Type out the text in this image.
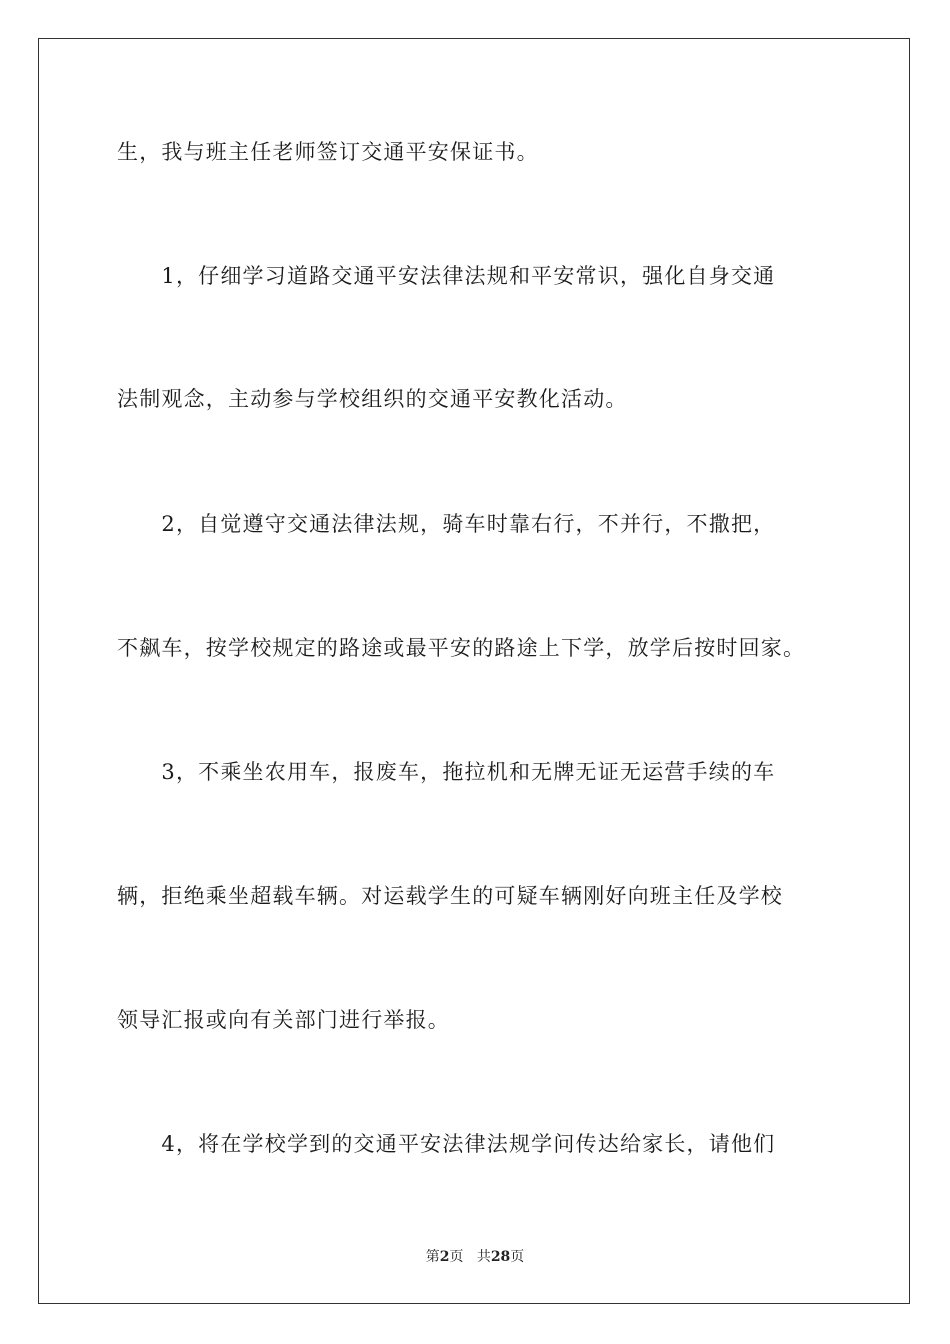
生，我与班主任老师签订交通平安保证书。
　　1，仔细学习道路交通平安法律法规和平安常识，强化自身交通
法制观念，主动参与学校组织的交通平安教化活动。
　　2，自觉遵守交通法律法规，骑车时靠右行，不并行，不撒把，
不飙车，按学校规定的路途或最平安的路途上下学，放学后按时回家。
　　3，不乘坐农用车，报废车，拖拉机和无牌无证无运营手续的车
辆，拒绝乘坐超载车辆。对运载学生的可疑车辆刚好向班主任及学校
领导汇报或向有关部门进行举报。
　　4，将在学校学到的交通平安法律法规学问传达给家长，请他们
第2页 共28页
